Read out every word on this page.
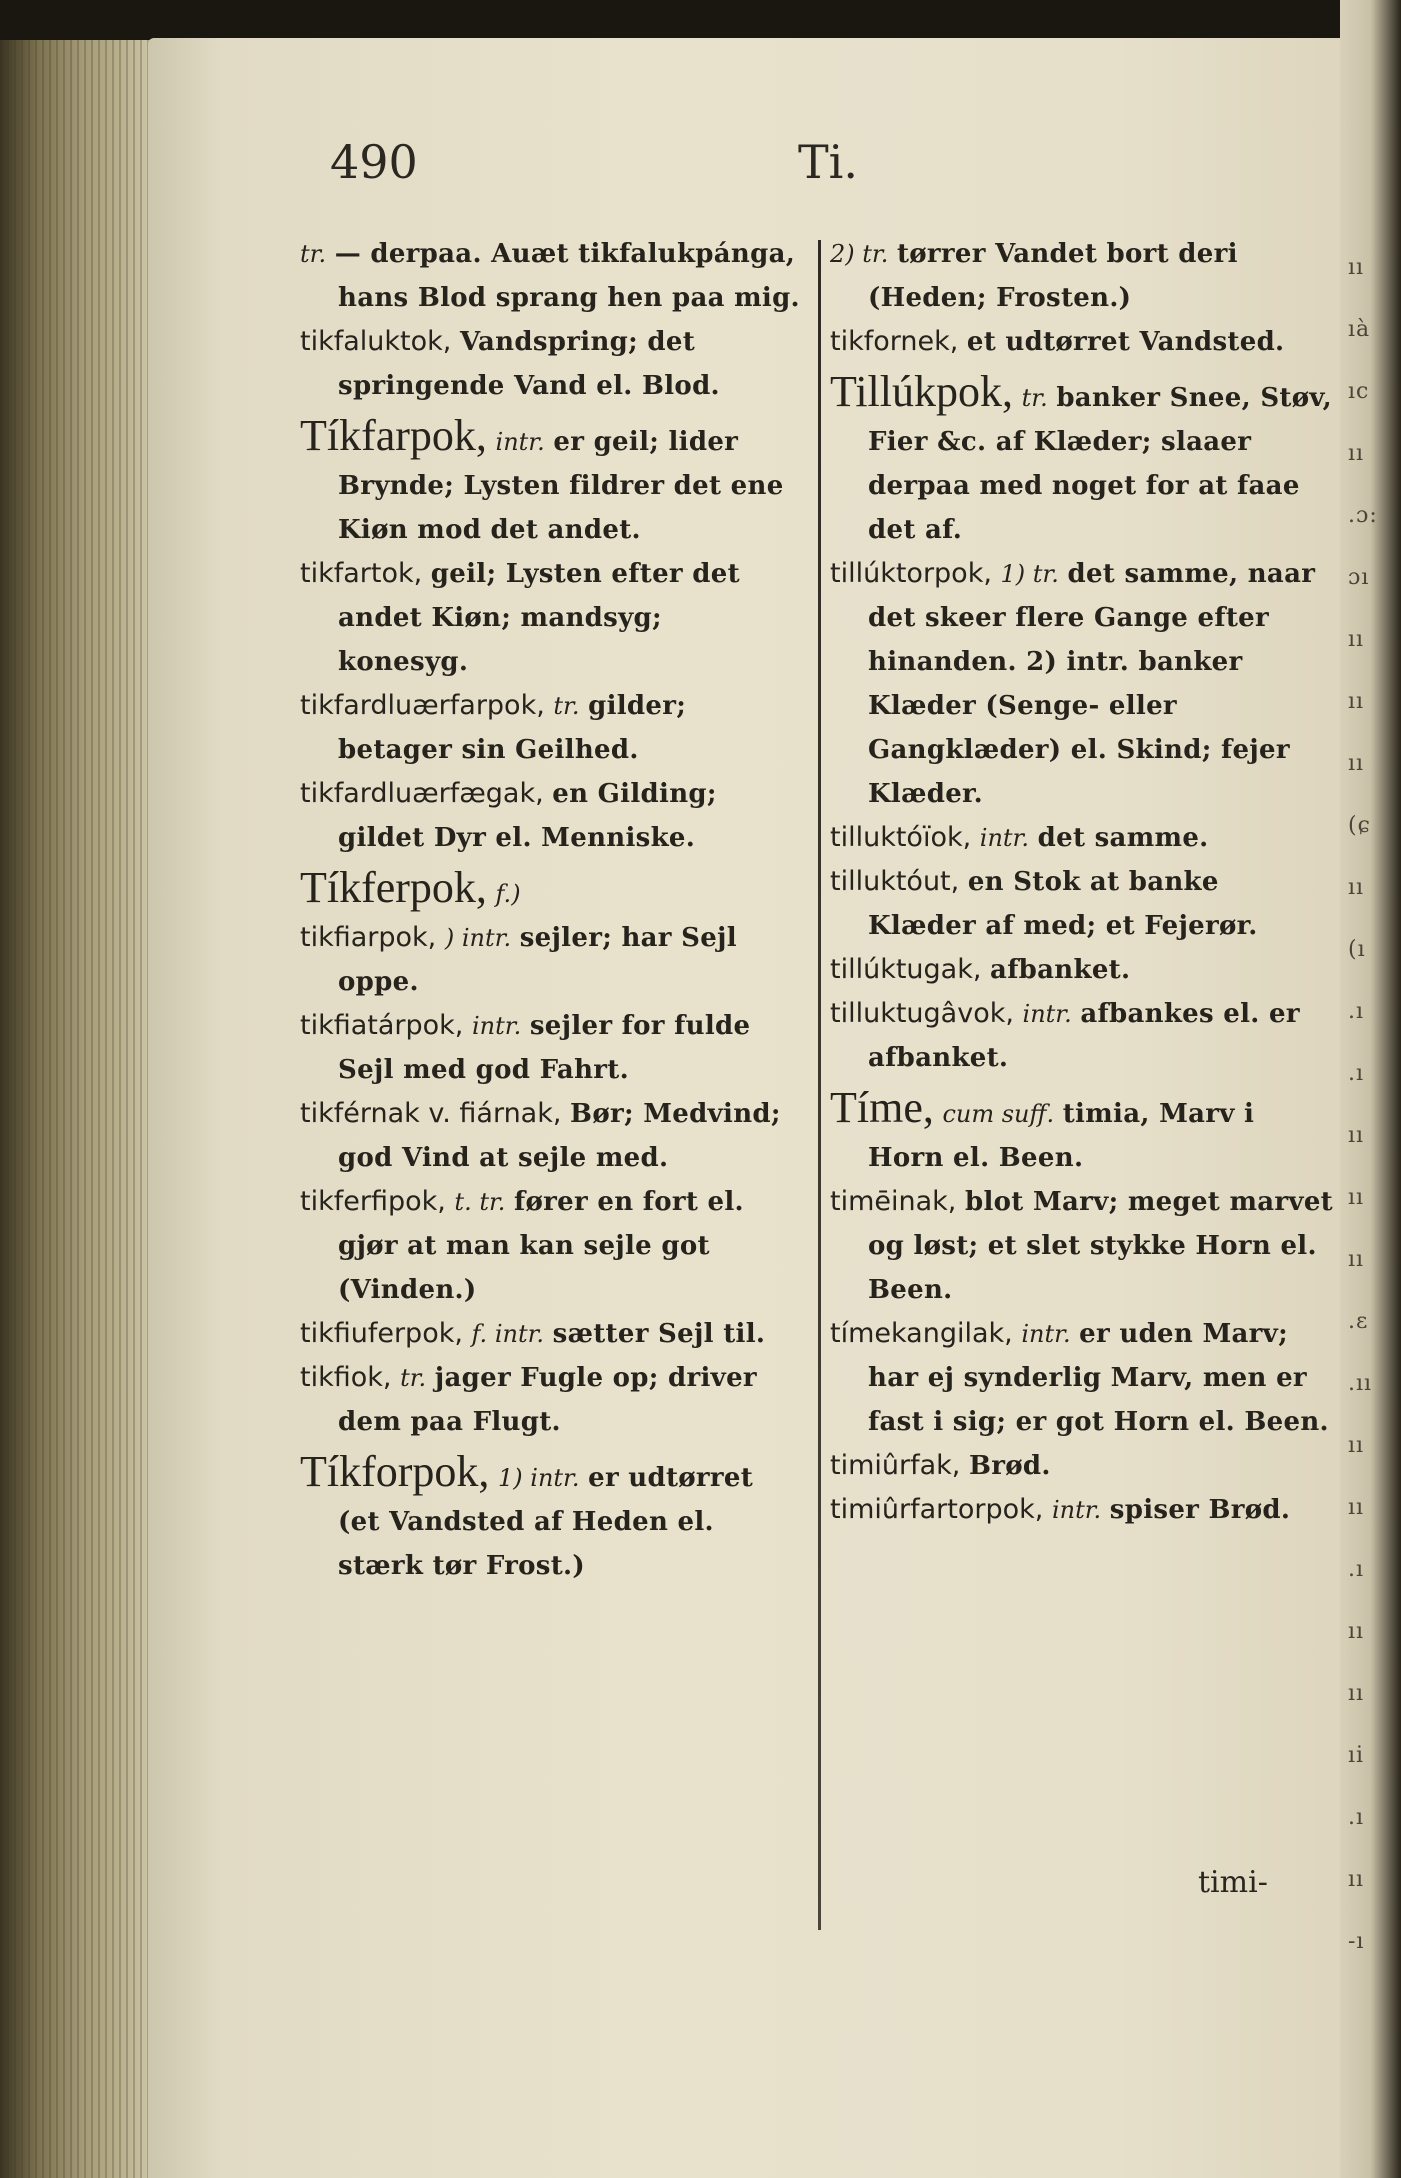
ıı
ıà
ıc
ıı
.ɔ:
ɔı
ıı
ıı
ıı
(ɕ
ıı
(ı
.ı
.ı
ıı
ıı
ıı
.ɛ
.ıı
ıı
ıı
.ı
ıı
ıı
ıi
.ı
ıı
-ı
490	Ti.

tr. — derpaa. Auæt tikfalukpánga, hans Blod sprang hen paa mig.

tikfaluktok, Vandspring; det springende Vand el. Blod.

Tíkfarpok, intr. er geil; lider Brynde; Lysten fildrer det ene Kiøn mod det andet.

tikfartok, geil; Lysten efter det andet Kiøn; mandsyg; konesyg.

tikfardluærfarpok, tr. gilder; betager sin Geilhed.

tikfardluærfægak, en Gilding; gildet Dyr el. Menniske.

Tíkferpok, f.)

tikfiarpok, ) intr. sejler; har Sejl oppe.

tikfiatárpok, intr. sejler for fulde Sejl med god Fahrt.

tikférnak v. fiárnak, Bør; Medvind; god Vind at sejle med.

tikferfipok, t. tr. fører en fort el. gjør at man kan sejle got (Vinden.)

tikfiuferpok, f. intr. sætter Sejl til.

tikfiok, tr. jager Fugle op; driver dem paa Flugt.

Tíkforpok, 1) intr. er udtørret (et Vandsted af Heden el. stærk tør Frost.)

2) tr. tørrer Vandet bort deri (Heden; Frosten.)

tikfornek, et udtørret Vandsted.

Tillúkpok, tr. banker Snee, Støv, Fier &c. af Klæder; slaaer derpaa med noget for at faae det af.

tillúktorpok, 1) tr. det samme, naar det skeer flere Gange efter hinanden. 2) intr. banker Klæder (Senge- eller Gangklæder) el. Skind; fejer Klæder.

tilluktóïok, intr. det samme.

tilluktóut, en Stok at banke Klæder af med; et Fejerør.

tillúktugak, afbanket.

tilluktugâvok, intr. afbankes el. er afbanket.

Tíme, cum suff. timia, Marv i Horn el. Been.

timēinak, blot Marv; meget marvet og løst; et slet stykke Horn el. Been.

tímekangilak, intr. er uden Marv; har ej synderlig Marv, men er fast i sig; er got Horn el. Been.

timiûrfak, Brød.

timiûrfartorpok, intr. spiser Brød.

timi-
